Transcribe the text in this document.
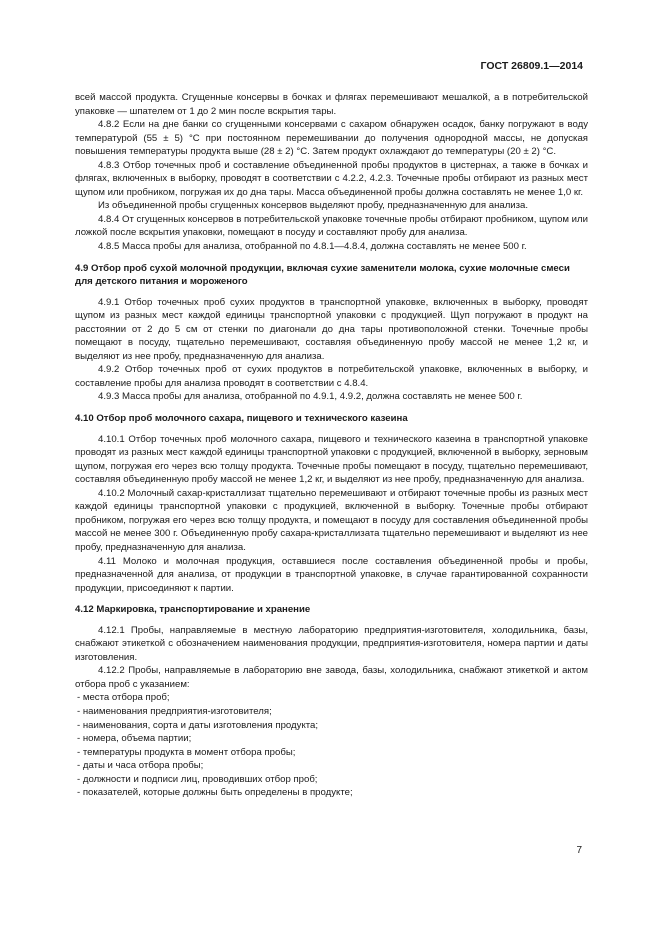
ГОСТ 26809.1—2014

всей массой продукта. Сгущенные консервы в бочках и флягах перемешивают мешалкой, а в потребительской упаковке — шпателем от 1 до 2 мин после вскрытия тары.

4.8.2 Если на дне банки со сгущенными консервами с сахаром обнаружен осадок, банку погружают в воду температурой (55 ± 5) °С при постоянном перемешивании до получения однородной массы, не допуская повышения температуры продукта выше (28 ± 2) °С. Затем продукт охлаждают до температуры (20 ± 2) °С.

4.8.3 Отбор точечных проб и составление объединенной пробы продуктов в цистернах, а также в бочках и флягах, включенных в выборку, проводят в соответствии с 4.2.2, 4.2.3. Точечные пробы отбирают из разных мест щупом или пробником, погружая их до дна тары. Масса объединенной пробы должна составлять не менее 1,0 кг.

Из объединенной пробы сгущенных консервов выделяют пробу, предназначенную для анализа.

4.8.4 От сгущенных консервов в потребительской упаковке точечные пробы отбирают пробником, щупом или ложкой после вскрытия упаковки, помещают в посуду и составляют пробу для анализа.

4.8.5 Масса пробы для анализа, отобранной по 4.8.1—4.8.4, должна составлять не менее 500 г.

4.9 Отбор проб сухой молочной продукции, включая сухие заменители молока, сухие молочные смеси для детского питания и мороженого

4.9.1 Отбор точечных проб сухих продуктов в транспортной упаковке, включенных в выборку, проводят щупом из разных мест каждой единицы транспортной упаковки с продукцией. Щуп погружают в продукт на расстоянии от 2 до 5 см от стенки по диагонали до дна тары противоположной стенки. Точечные пробы помещают в посуду, тщательно перемешивают, составляя объединенную пробу массой не менее 1,2 кг, и выделяют из нее пробу, предназначенную для анализа.

4.9.2 Отбор точечных проб от сухих продуктов в потребительской упаковке, включенных в выборку, и составление пробы для анализа проводят в соответствии с 4.8.4.

4.9.3 Масса пробы для анализа, отобранной по 4.9.1, 4.9.2, должна составлять не менее 500 г.

4.10 Отбор проб молочного сахара, пищевого и технического казеина

4.10.1 Отбор точечных проб молочного сахара, пищевого и технического казеина в транспортной упаковке проводят из разных мест каждой единицы транспортной упаковки с продукцией, включенной в выборку, зерновым щупом, погружая его через всю толщу продукта. Точечные пробы помещают в посуду, тщательно перемешивают, составляя объединенную пробу массой не менее 1,2 кг, и выделяют из нее пробу, предназначенную для анализа.

4.10.2 Молочный сахар-кристаллизат тщательно перемешивают и отбирают точечные пробы из разных мест каждой единицы транспортной упаковки с продукцией, включенной в выборку. Точечные пробы отбирают пробником, погружая его через всю толщу продукта, и помещают в посуду для составления объединенной пробы массой не менее 300 г. Объединенную пробу сахара-кристаллизата тщательно перемешивают и выделяют из нее пробу, предназначенную для анализа.

4.11 Молоко и молочная продукция, оставшиеся после составления объединенной пробы и пробы, предназначенной для анализа, от продукции в транспортной упаковке, в случае гарантированной сохранности продукции, присоединяют к партии.

4.12 Маркировка, транспортирование и хранение

4.12.1 Пробы, направляемые в местную лабораторию предприятия-изготовителя, холодильника, базы, снабжают этикеткой с обозначением наименования продукции, предприятия-изготовителя, номера партии и даты изготовления.

4.12.2 Пробы, направляемые в лабораторию вне завода, базы, холодильника, снабжают этикеткой и актом отбора проб с указанием:

- места отбора проб;

- наименования предприятия-изготовителя;

- наименования, сорта и даты изготовления продукта;

- номера, объема партии;

- температуры продукта в момент отбора пробы;

- даты и часа отбора пробы;

- должности и подписи лиц, проводивших отбор проб;

- показателей, которые должны быть определены в продукте;

7
